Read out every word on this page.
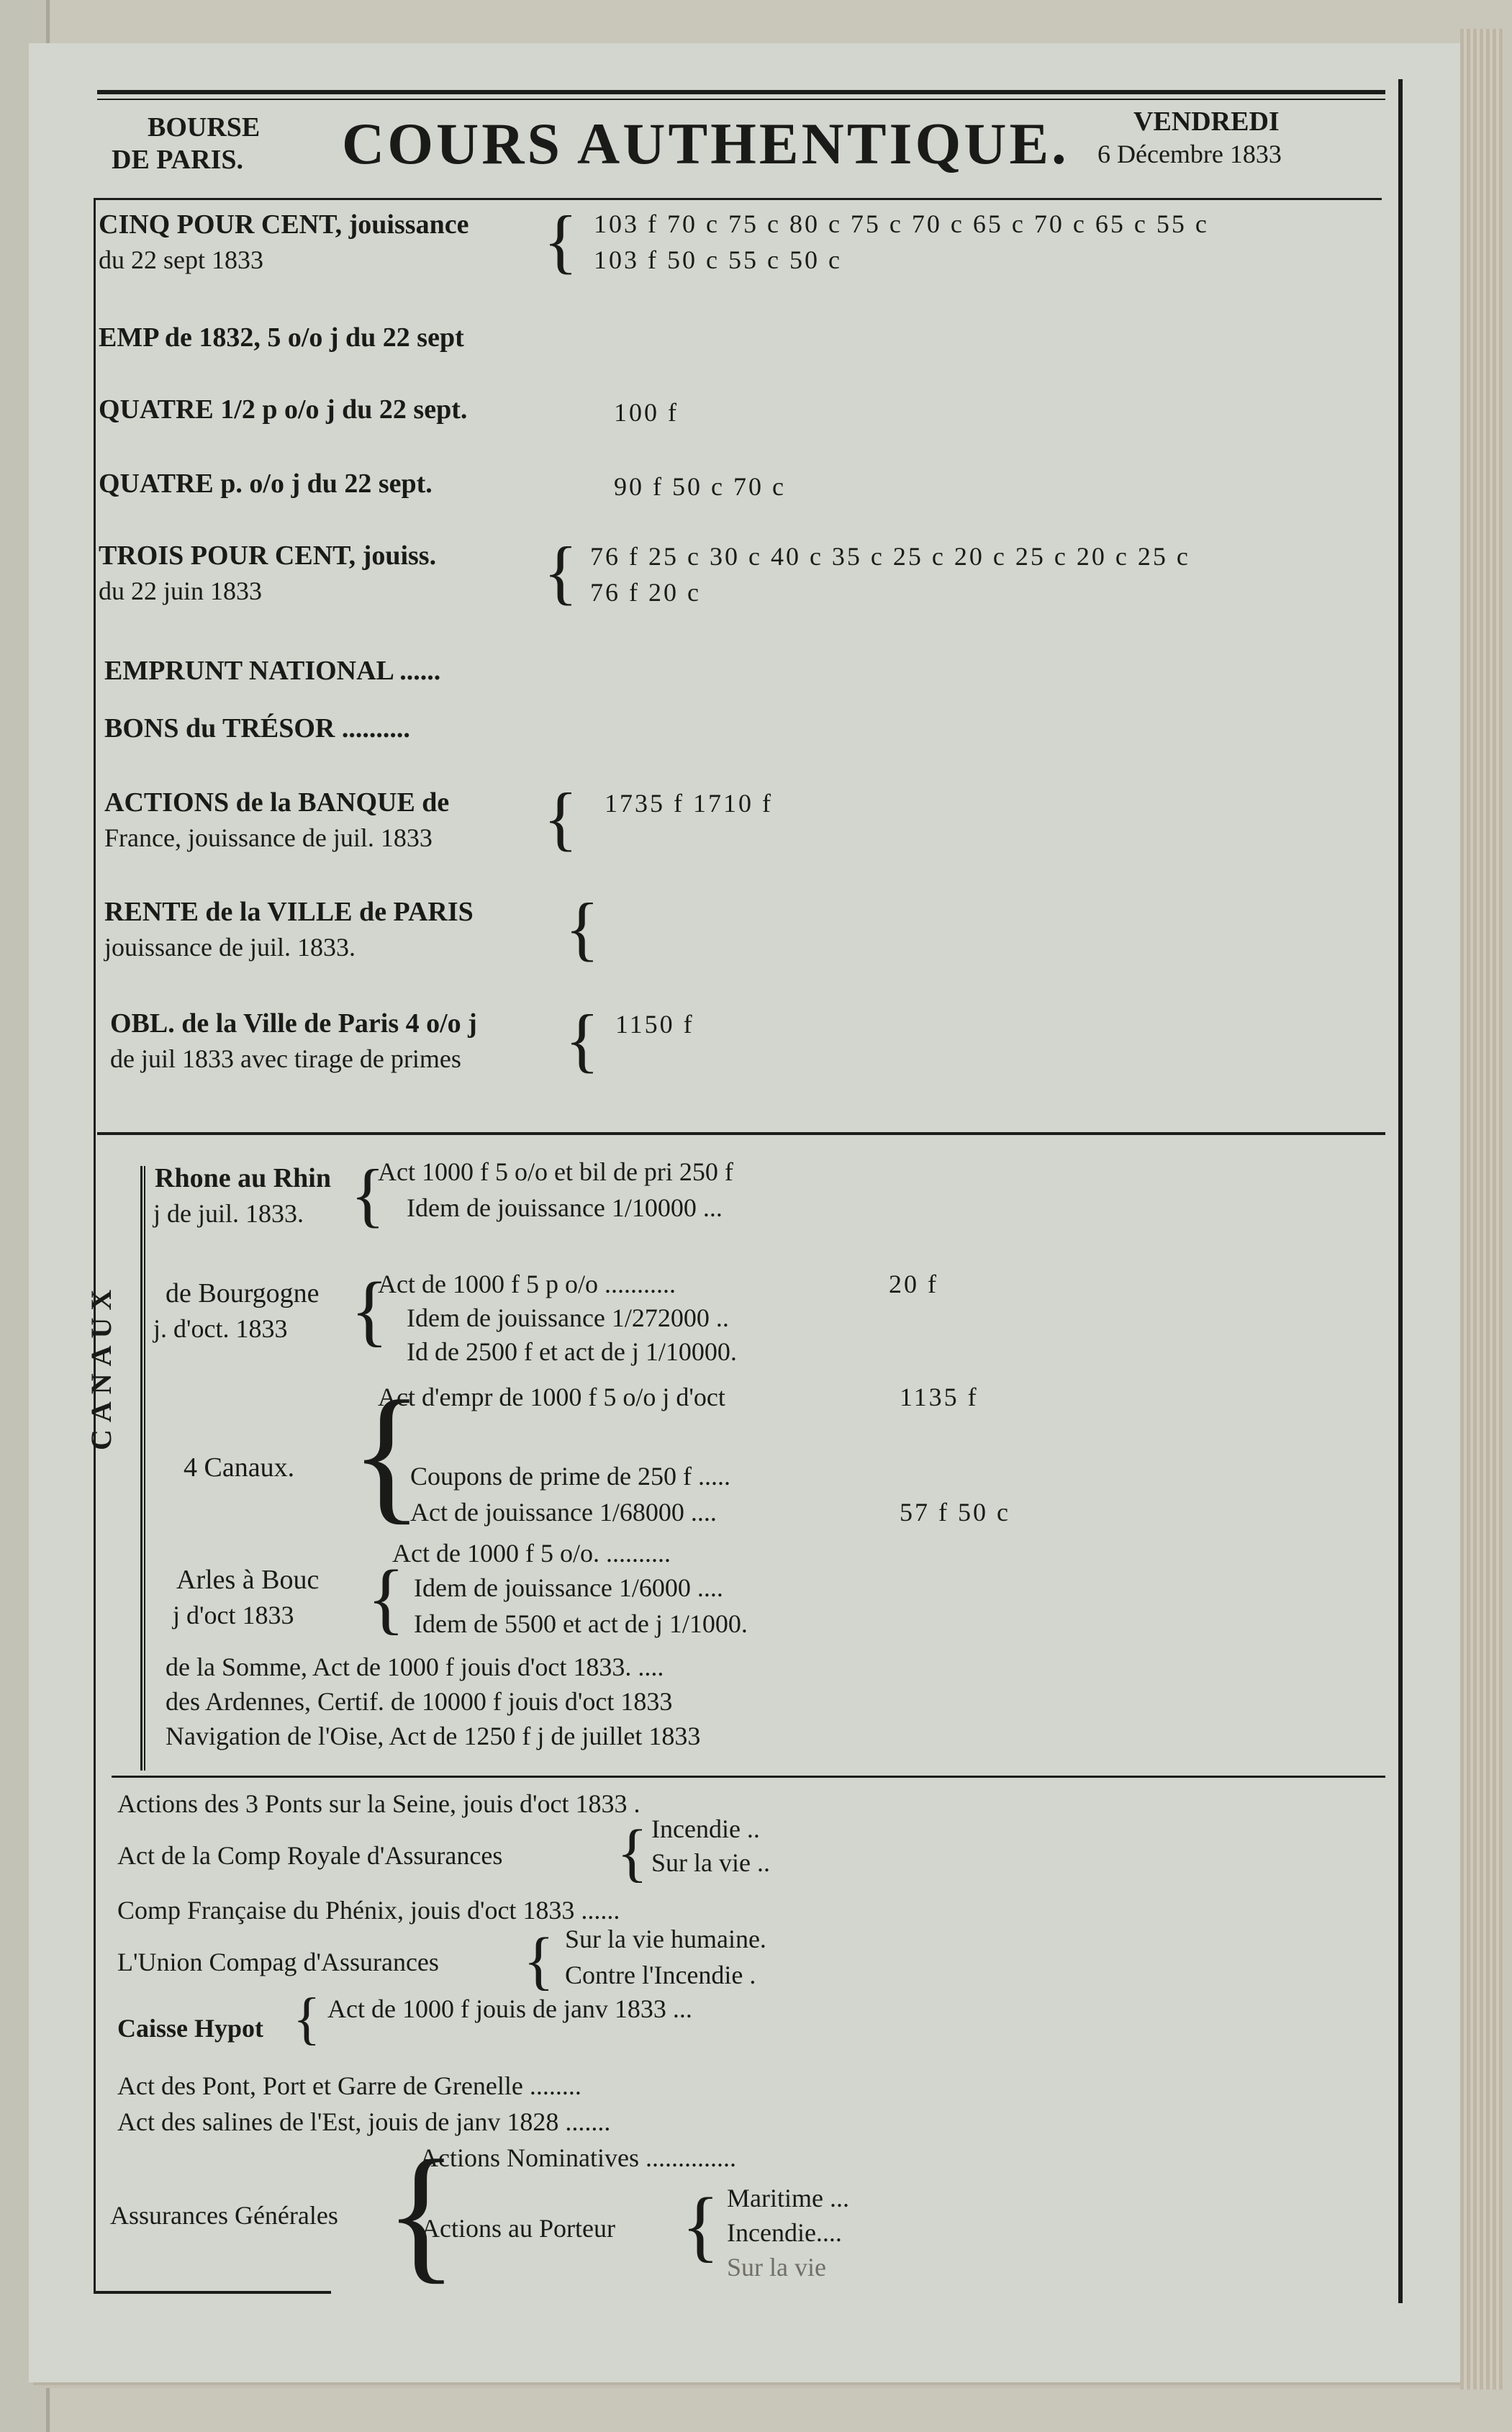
BOURSE
DE PARIS. COURS AUTHENTIQUE. VENDREDI
6 Décembre 1833
CINQ POUR CENT, jouissance
du 22 sept 1833	{ 103 f 70 c 75 c 80 c 75 c 70 c 65 c 70 c 65 c 55 c
103 f 50 c 55 c 50 c
EMP de 1832, 5 o/o j du 22 sept
QUATRE 1/2 p o/o j du 22 sept.	100 f
QUATRE p. o/o j du 22 sept.	90 f 50 c 70 c
TROIS POUR CENT, jouiss.
du 22 juin 1833	{ 76 f 25 c 30 c 40 c 35 c 25 c 20 c 25 c 20 c 25 c
76 f 20 c
EMPRUNT NATIONAL ......
BONS du TRÉSOR ..........
ACTIONS de la BANQUE de
France, jouissance de juil. 1833 { 1735 f 1710 f
RENTE de la VILLE de PARIS
jouissance de juil. 1833.	{
OBL. de la Ville de Paris 4 o/o j
de juil 1833 avec tirage de primes { 1150 f
CANAUX
Rhone au Rhin
j de juil. 1833. {
Act 1000 f 5 o/o et bil de pri 250 f
Idem de jouissance 1/10000 ...
de Bourgogne
j. d'oct. 1833 {
Act de 1000 f 5 p o/o ...........	20 f
Idem de jouissance 1/272000 ..
Id de 2500 f et act de j 1/10000.
4 Canaux. {
Act d'empr de 1000 f 5 o/o j d'oct	1135 f
Coupons de prime de 250 f .....
Act de jouissance 1/68000 ....	57 f 50 c
Arles à Bouc
j d'oct 1833 {
Act de 1000 f 5 o/o. ..........
Idem de jouissance 1/6000 ....
Idem de 5500 et act de j 1/1000.
de la Somme, Act de 1000 f jouis d'oct 1833. ....
des Ardennes, Certif. de 10000 f jouis d'oct 1833
Navigation de l'Oise, Act de 1250 f j de juillet 1833
Actions des 3 Ponts sur la Seine, jouis d'oct 1833 .
Act de la Comp Royale d'Assurances { Incendie ..
Sur la vie ..
Comp Française du Phénix, jouis d'oct 1833 ......
L'Union Compag d'Assurances { Sur la vie humaine.
Contre l'Incendie .
Caisse Hypot { Act de 1000 f jouis de janv 1833 ...
Act des Pont, Port et Garre de Grenelle ........
Act des salines de l'Est, jouis de janv 1828 .......
Assurances Générales {
Actions Nominatives ..............
Actions au Porteur { Maritime ...
Incendie....
Sur la vie
